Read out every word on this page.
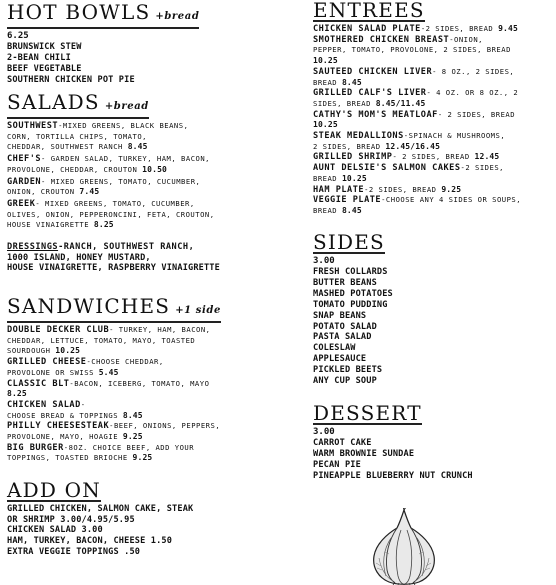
HOT BOWLS +bread
6.25
BRUNSWICK STEW
2-BEAN CHILI
BEEF VEGETABLE
SOUTHERN CHICKEN POT PIE
SALADS +bread
SOUTHWEST-MIXED GREENS, BLACK BEANS,
CORN, TORTILLA CHIPS, TOMATO,
CHEDDAR, SOUTHWEST RANCH 8.45
CHEF'S- GARDEN SALAD, TURKEY, HAM, BACON,
PROVOLONE, CHEDDAR, CROUTON 10.50
GARDEN- MIXED GREENS, TOMATO, CUCUMBER,
ONION, CROUTON 7.45
GREEK- MIXED GREENS, TOMATO, CUCUMBER,
OLIVES, ONION, PEPPERONCINI, FETA, CROUTON,
HOUSE VINAIGRETTE 8.25
DRESSINGS-RANCH, SOUTHWEST RANCH,
1000 ISLAND, HONEY MUSTARD,
HOUSE VINAIGRETTE, RASPBERRY VINAIGRETTE
SANDWICHES +1 side
DOUBLE DECKER CLUB- TURKEY, HAM, BACON,
CHEDDAR, LETTUCE, TOMATO, MAYO, TOASTED
SOURDOUGH 10.25
GRILLED CHEESE-CHOOSE CHEDDAR,
PROVOLONE OR SWISS 5.45
CLASSIC BLT-BACON, ICEBERG, TOMATO, MAYO
8.25
CHICKEN SALAD-
CHOOSE BREAD & TOPPINGS 8.45
PHILLY CHEESESTEAK-BEEF, ONIONS, PEPPERS,
PROVOLONE, MAYO, HOAGIE 9.25
BIG BURGER-8OZ. CHOICE BEEF, ADD YOUR
TOPPINGS, TOASTED BRIOCHE 9.25
ADD ON
GRILLED CHICKEN, SALMON CAKE, STEAK
OR SHRIMP 3.00/4.95/5.95
CHICKEN SALAD 3.00
HAM, TURKEY, BACON, CHEESE 1.50
EXTRA VEGGIE TOPPINGS .50
ENTREES
CHICKEN SALAD PLATE-2 SIDES, BREAD 9.45
SMOTHERED CHICKEN BREAST-ONION,
PEPPER, TOMATO, PROVOLONE, 2 SIDES, BREAD
10.25
SAUTEED CHICKEN LIVER- 8 OZ., 2 SIDES,
BREAD 8.45
GRILLED CALF'S LIVER- 4 OZ. OR 8 OZ., 2
SIDES, BREAD 8.45/11.45
CATHY'S MOM'S MEATLOAF- 2 SIDES, BREAD
10.25
STEAK MEDALLIONS-SPINACH & MUSHROOMS,
2 SIDES, BREAD 12.45/16.45
GRILLED SHRIMP- 2 SIDES, BREAD 12.45
AUNT DELSIE'S SALMON CAKES-2 SIDES,
BREAD 10.25
HAM PLATE-2 SIDES, BREAD 9.25
VEGGIE PLATE-CHOOSE ANY 4 SIDES OR SOUPS,
BREAD 8.45
SIDES
3.00
FRESH COLLARDS
BUTTER BEANS
MASHED POTATOES
TOMATO PUDDING
SNAP BEANS
POTATO SALAD
PASTA SALAD
COLESLAW
APPLESAUCE
PICKLED BEETS
ANY CUP SOUP
DESSERT
3.00
CARROT CAKE
WARM BROWNIE SUNDAE
PECAN PIE
PINEAPPLE BLUEBERRY NUT CRUNCH
